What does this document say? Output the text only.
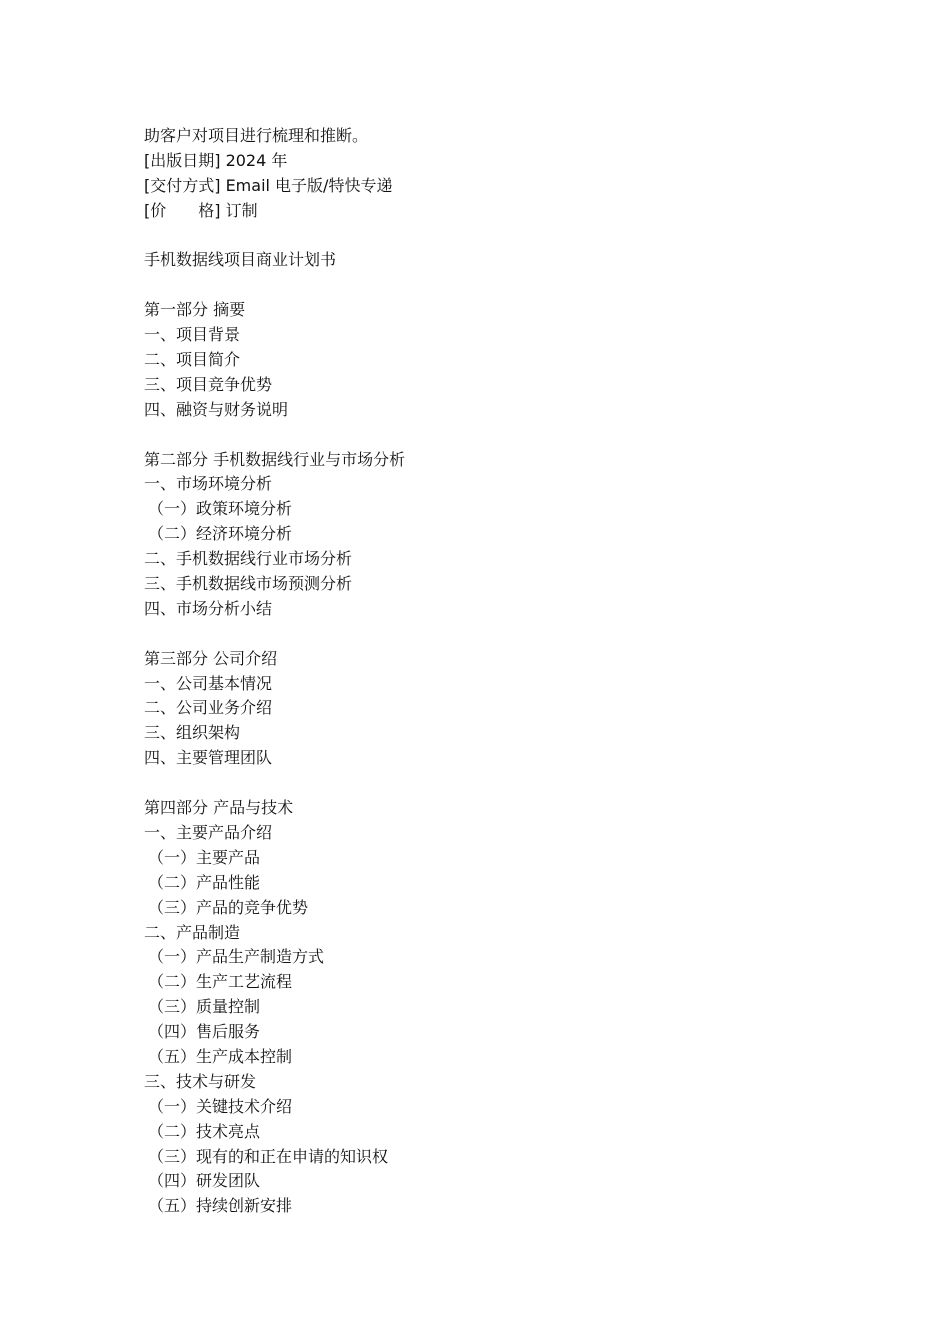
助客户对项目进行梳理和推断。
[出版日期] 2024 年
[交付方式] Email 电子版/特快专递
[价　　格] 订制
手机数据线项目商业计划书
第一部分 摘要
一、项目背景
二、项目简介
三、项目竞争优势
四、融资与财务说明
第二部分 手机数据线行业与市场分析
一、市场环境分析
（一）政策环境分析
（二）经济环境分析
二、手机数据线行业市场分析
三、手机数据线市场预测分析
四、市场分析小结
第三部分 公司介绍
一、公司基本情况
二、公司业务介绍
三、组织架构
四、主要管理团队
第四部分 产品与技术
一、主要产品介绍
（一）主要产品
（二）产品性能
（三）产品的竞争优势
二、产品制造
（一）产品生产制造方式
（二）生产工艺流程
（三）质量控制
（四）售后服务
（五）生产成本控制
三、技术与研发
（一）关键技术介绍
（二）技术亮点
（三）现有的和正在申请的知识权
（四）研发团队
（五）持续创新安排
